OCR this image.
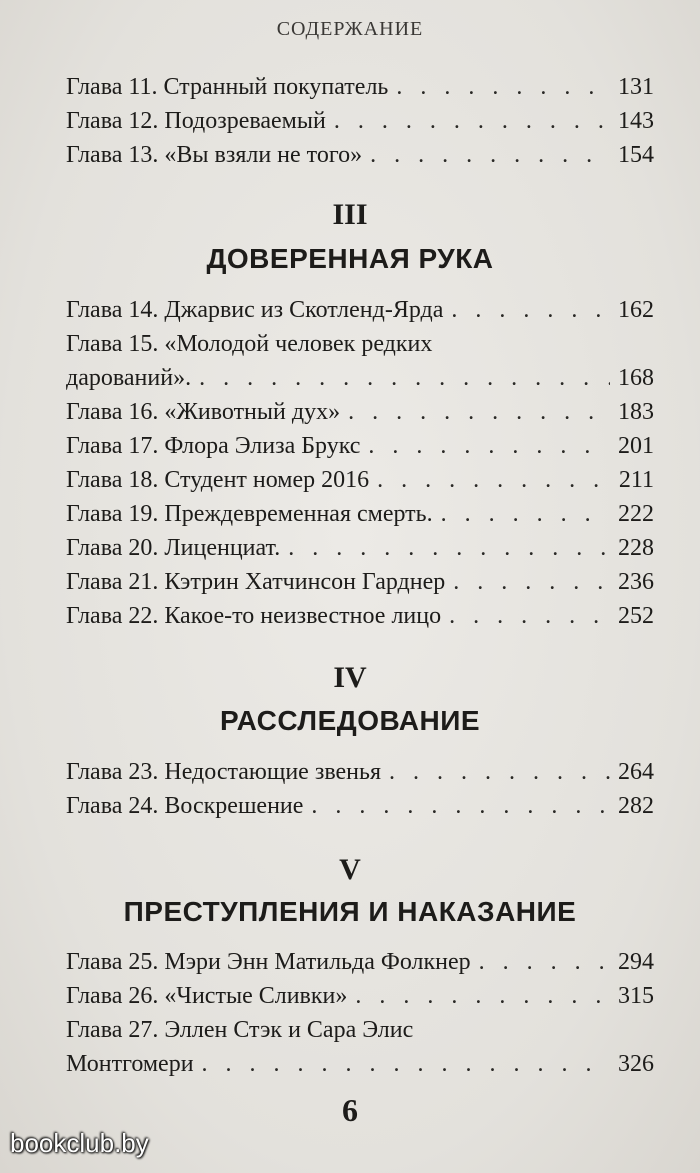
СОДЕРЖАНИЕ
Глава 11. Странный покупатель . . .	131
Глава 12. Подозреваемый . . .	143
Глава 13. «Вы взяли не того» . . .	154
III
ДОВЕРЕННАЯ РУКА
Глава 14. Джарвис из Скотленд-Ярда . . .	162
Глава 15. «Молодой человек редких
дарований». . . .	168
Глава 16. «Животный дух» . . .	183
Глава 17. Флора Элиза Брукс . . .	201
Глава 18. Студент номер 2016 . . .	211
Глава 19. Преждевременная смерть. . . .	222
Глава 20. Лиценциат. . . .	228
Глава 21. Кэтрин Хатчинсон Гарднер . . .	236
Глава 22. Какое-то неизвестное лицо . . .	252
IV
РАССЛЕДОВАНИЕ
Глава 23. Недостающие звенья . . .	264
Глава 24. Воскрешение . . .	282
V
ПРЕСТУПЛЕНИЯ И НАКАЗАНИЕ
Глава 25. Мэри Энн Матильда Фолкнер . . .	294
Глава 26. «Чистые Сливки» . . .	315
Глава 27. Эллен Стэк и Сара Элис
Монтгомери . . .	326
6
bookclub.by
